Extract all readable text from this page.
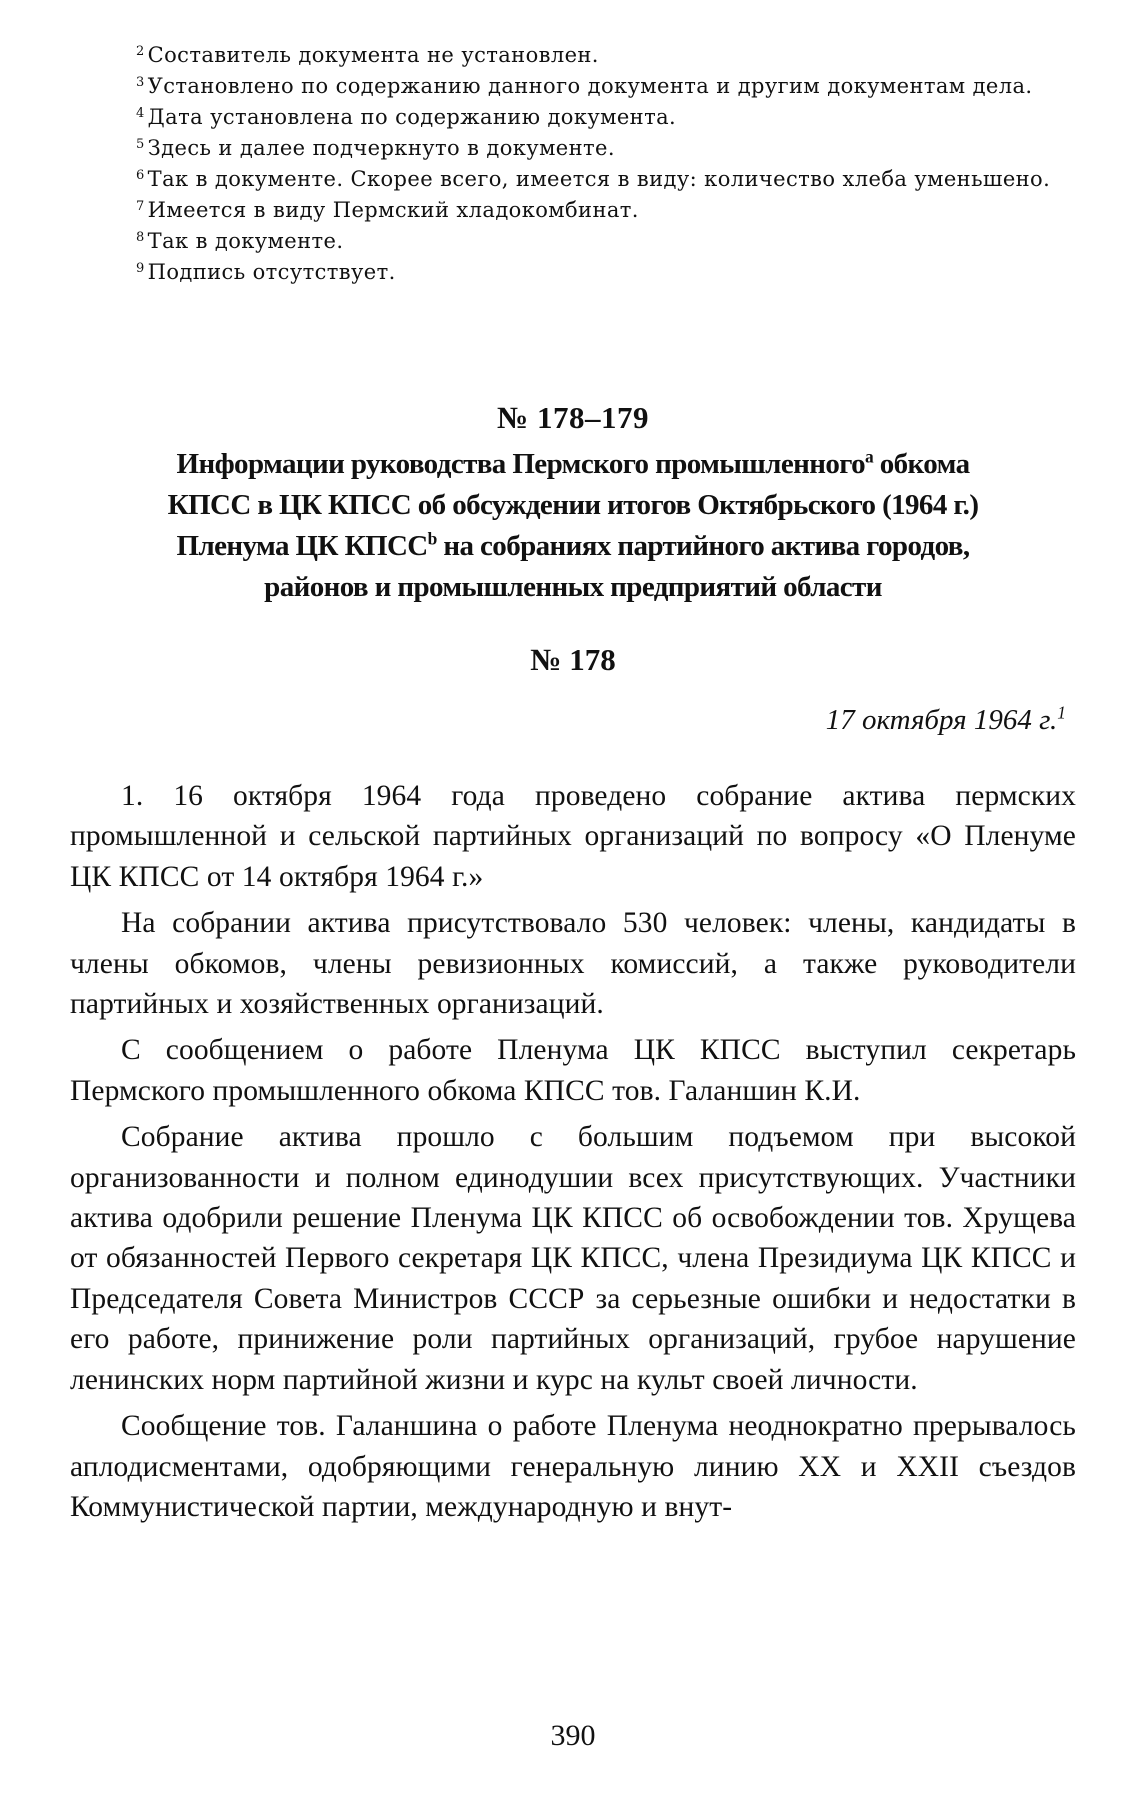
$^2$ Составитель документа не установлен.

$^3$ Установлено по содержанию данного документа и другим документам дела.

$^4$ Дата установлена по содержанию документа.

$^5$ Здесь и далее подчеркнуто в документе.

$^6$ Так в документе. Скорее всего, имеется в виду: количество хлеба уменьшено.

$^7$ Имеется в виду Пермский хладокомбинат.

$^8$ Так в документе.

$^9$ Подпись отсутствует.

№ 178–179
Информации руководства Пермского промышленного$^a$ обкома
КПСС в ЦК КПСС об обсуждении итогов Октябрьского (1964 г.)
Пленума ЦК КПСС$^b$ на собраниях партийного актива городов,
районов и промышленных предприятий области
№ 178
17 октября 1964 г.$^1$

1. 16 октября 1964 года проведено собрание актива пермских промышленной и сельской партийных организаций по вопросу «О Пленуме ЦК КПСС от 14 октября 1964 г.»

На собрании актива присутствовало 530 человек: члены, кандидаты в члены обкомов, члены ревизионных комиссий, а также руководители партийных и хозяйственных организаций.

С сообщением о работе Пленума ЦК КПСС выступил секретарь Пермского промышленного обкома КПСС тов. Галаншин К.И.

Собрание актива прошло с большим подъемом при высокой организованности и полном единодушии всех присутствующих. Участники актива одобрили решение Пленума ЦК КПСС об освобождении тов. Хрущева от обязанностей Первого секретаря ЦК КПСС, члена Президиума ЦК КПСС и Председателя Совета Министров СССР за серьезные ошибки и недостатки в его работе, принижение роли партийных организаций, грубое нарушение ленинских норм партийной жизни и курс на культ своей личности.

Сообщение тов. Галаншина о работе Пленума неоднократно прерывалось аплодисментами, одобряющими генеральную линию XX и XXII съездов Коммунистической партии, международную и внут-

390
